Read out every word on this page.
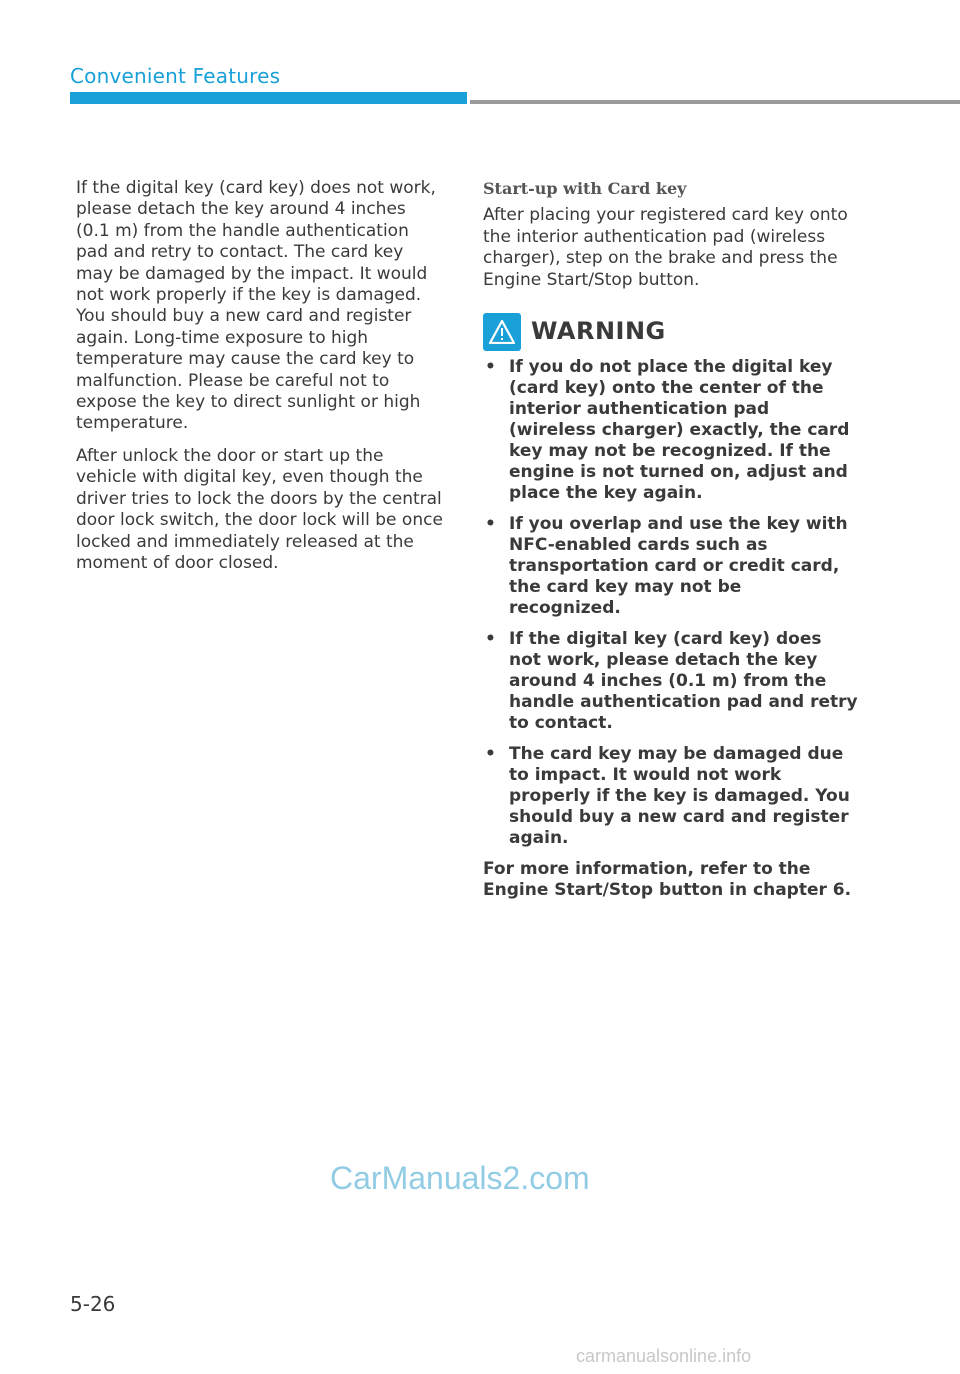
Convenient Features

If the digital key (card key) does not work, please detach the key around 4 inches (0.1 m) from the handle authentication pad and retry to contact. The card key may be damaged by the impact. It would not work properly if the key is damaged. You should buy a new card and register again. Long-time exposure to high temperature may cause the card key to malfunction. Please be careful not to expose the key to direct sunlight or high temperature.

After unlock the door or start up the vehicle with digital key, even though the driver tries to lock the doors by the central door lock switch, the door lock will be once locked and immediately released at the moment of door closed.

Start-up with Card key

After placing your registered card key onto the interior authentication pad (wireless charger), step on the brake and press the Engine Start/Stop button.

WARNING
• If you do not place the digital key (card key) onto the center of the interior authentication pad (wireless charger) exactly, the card key may not be recognized. If the engine is not turned on, adjust and place the key again.
• If you overlap and use the key with NFC-enabled cards such as transportation card or credit card, the card key may not be recognized.
• If the digital key (card key) does not work, please detach the key around 4 inches (0.1 m) from the handle authentication pad and retry to contact.
• The card key may be damaged due to impact. It would not work properly if the key is damaged. You should buy a new card and register again.

For more information, refer to the Engine Start/Stop button in chapter 6.

CarManuals2.com
5-26
carmanualsonline.info
